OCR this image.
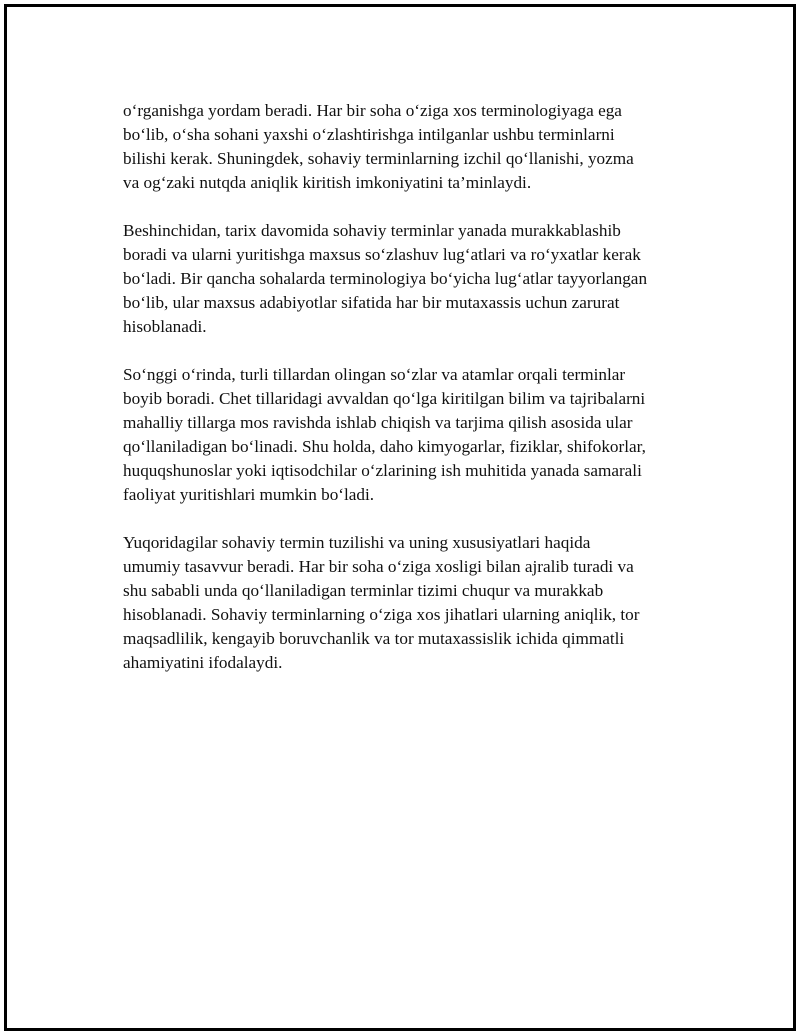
o‘rganishga yordam beradi. Har bir soha o‘ziga xos terminologiyaga ega
bo‘lib, o‘sha sohani yaxshi o‘zlashtirishga intilganlar ushbu terminlarni
bilishi kerak. Shuningdek, sohaviy terminlarning izchil qo‘llanishi, yozma
va og‘zaki nutqda aniqlik kiritish imkoniyatini ta’minlaydi.

Beshinchidan, tarix davomida sohaviy terminlar yanada murakkablashib
boradi va ularni yuritishga maxsus so‘zlashuv lug‘atlari va ro‘yxatlar kerak
bo‘ladi. Bir qancha sohalarda terminologiya bo‘yicha lug‘atlar tayyorlangan
bo‘lib, ular maxsus adabiyotlar sifatida har bir mutaxassis uchun zarurat
hisoblanadi.

So‘nggi o‘rinda, turli tillardan olingan so‘zlar va atamlar orqali terminlar
boyib boradi. Chet tillaridagi avvaldan qo‘lga kiritilgan bilim va tajribalarni
mahalliy tillarga mos ravishda ishlab chiqish va tarjima qilish asosida ular
qo‘llaniladigan bo‘linadi. Shu holda, daho kimyogarlar, fiziklar, shifokorlar,
huquqshunoslar yoki iqtisodchilar o‘zlarining ish muhitida yanada samarali
faoliyat yuritishlari mumkin bo‘ladi.

Yuqoridagilar sohaviy termin tuzilishi va uning xususiyatlari haqida
umumiy tasavvur beradi. Har bir soha o‘ziga xosligi bilan ajralib turadi va
shu sababli unda qo‘llaniladigan terminlar tizimi chuqur va murakkab
hisoblanadi. Sohaviy terminlarning o‘ziga xos jihatlari ularning aniqlik, tor
maqsadlilik, kengayib boruvchanlik va tor mutaxassislik ichida qimmatli
ahamiyatini ifodalaydi.
